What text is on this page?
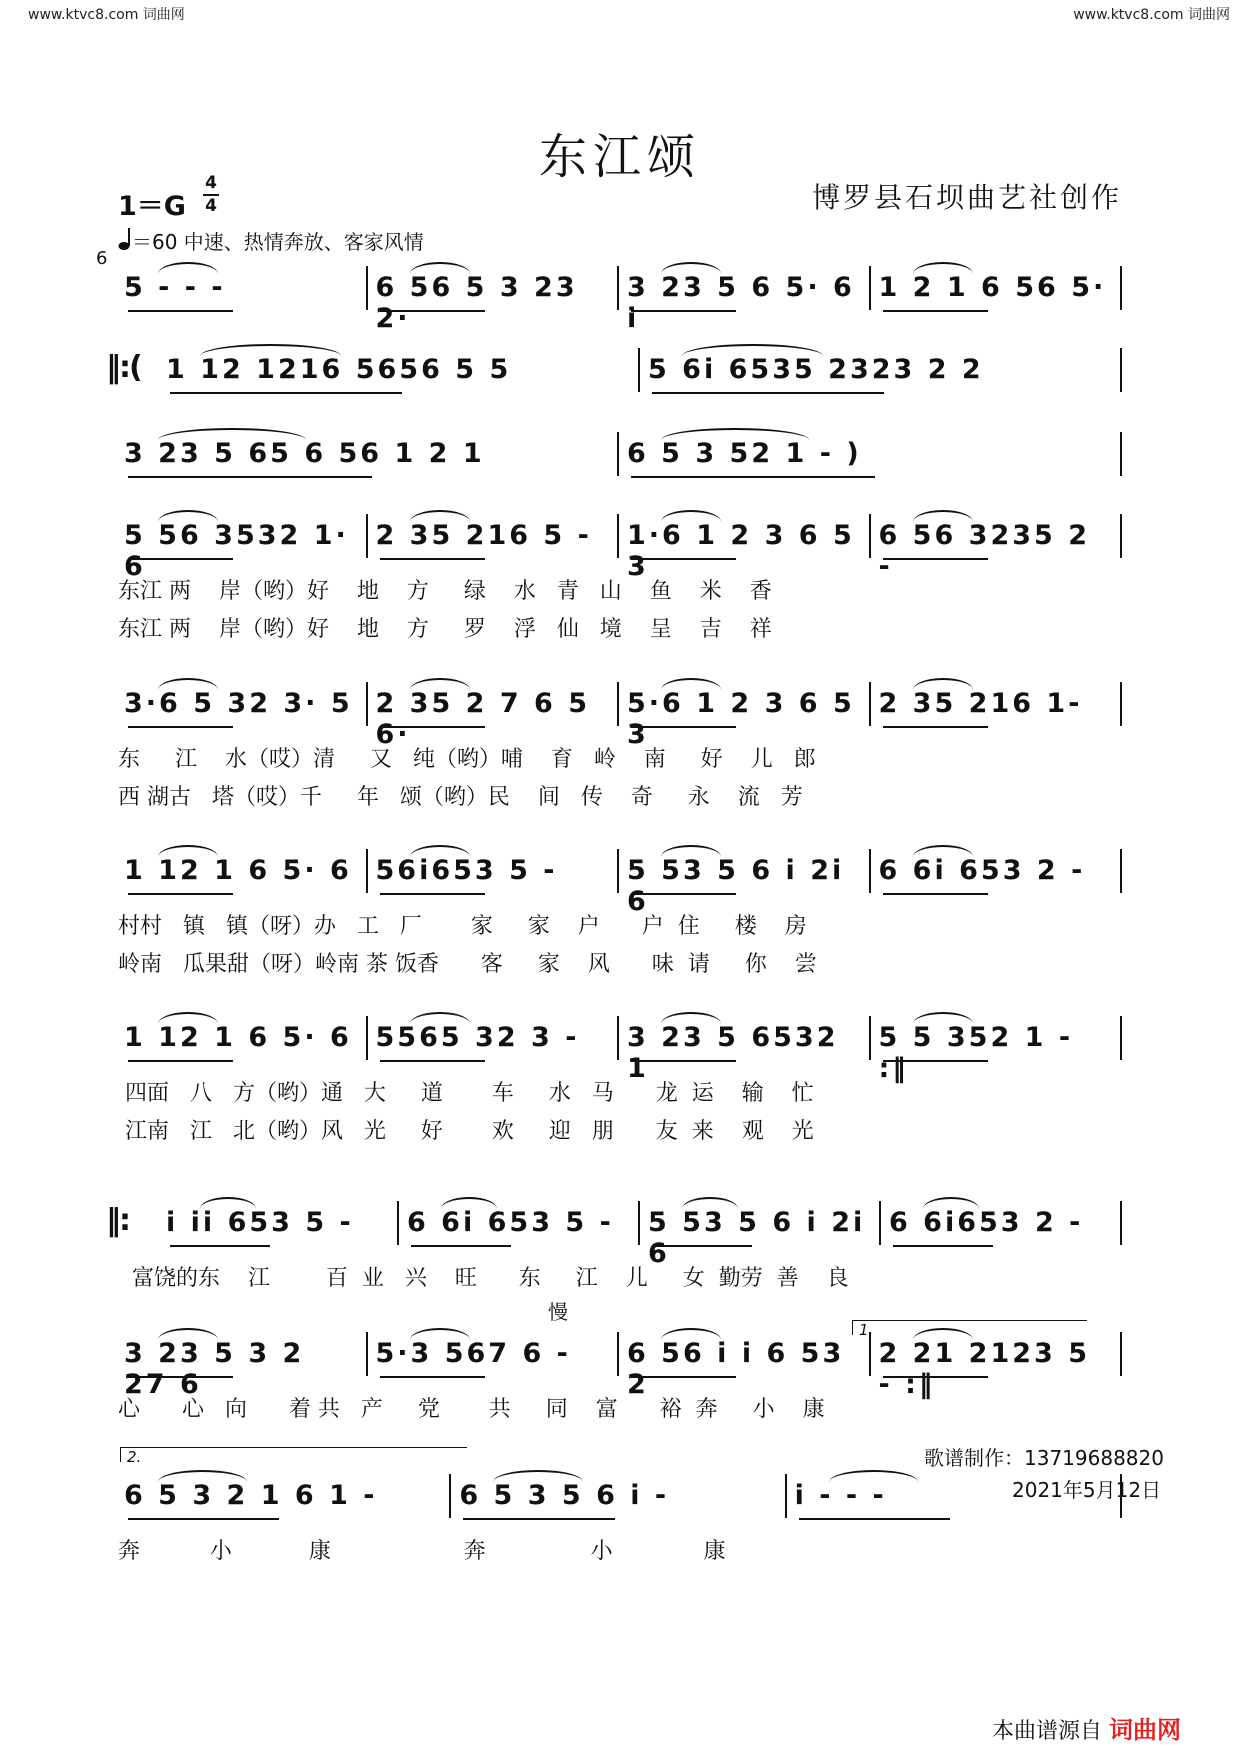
www.ktvc8.com 词曲网	www.ktvc8.com 词曲网
东江颂
博罗县石坝曲艺社创作
1＝G
4
4
＝60 中速、热情奔放、客家风情
6
5 - - -	6 56 5 3 23 2·
3 23 5 6 5· 6 i
1 2 1 6 56 5·
‖:( 1 12 1216 5656 5 5	5 6i 6535 2323 2 2
3 23 5 65 6 56 1 2 1	6 5 3 52 1 - )
5 56 3532 1· 6
2 35 216 5 -	1·6 1 2 3 6 5 3
6 56 3235 2 -
东江 两    岸（哟）好    地    方     绿    水   青   山    鱼    米    香
东江 两    岸（哟）好    地    方     罗    浮   仙   境    呈    吉    祥
3·6 5 32 3· 5 2 35 2 7 6 5 6·
5·6 1 2 3 6 5 3
2 35 216 1-
东     江    水（哎）清     又   纯（哟）哺    育   岭    南     好    儿   郎
西 湖古   塔（哎）千     年   颂（哟）民    间   传    奇     永    流   芳
1 12 1 6 5· 6 56i653 5 -	5 53 5 6 i 2i 6
6 6i 653 2 -
村村   镇   镇（呀）办   工   厂       家     家    户      户  住     楼    房
岭南   瓜果甜（呀）岭南 茶 饭香      客     家    风      味  请     你    尝
1 12 1 6 5· 6 5565 32 3 -	3 23 5 6532 1
5 5 352 1 - :‖
四面   八   方（哟）通   大     道       车     水   马      龙  运    输    忙
江南   江   北（哟）风   光     好       欢     迎   朋      友  来    观    光
‖: i ii 653 5 -	6 6i 653 5 -	5 53 5 6 i 2i 6
6 6i653 2 -
富饶的东    江        百  业   兴    旺      东     江    儿     女  勤劳  善    良
3 23 5 3 2 27 6
5·3 567 6 -	6 56 i i 6 53 2
2 21 2123 5 - :‖
心      心   向      着 共   产     党       共     同    富      裕  奔     小    康
6 5 3 2 1 6 1 -	6 5 3 5 6 i -	i - - -
奔          小           康                   奔               小             康
慢
1.
2.	歌谱制作：13719688820
2021年5月12日
本曲谱源自 词曲网
